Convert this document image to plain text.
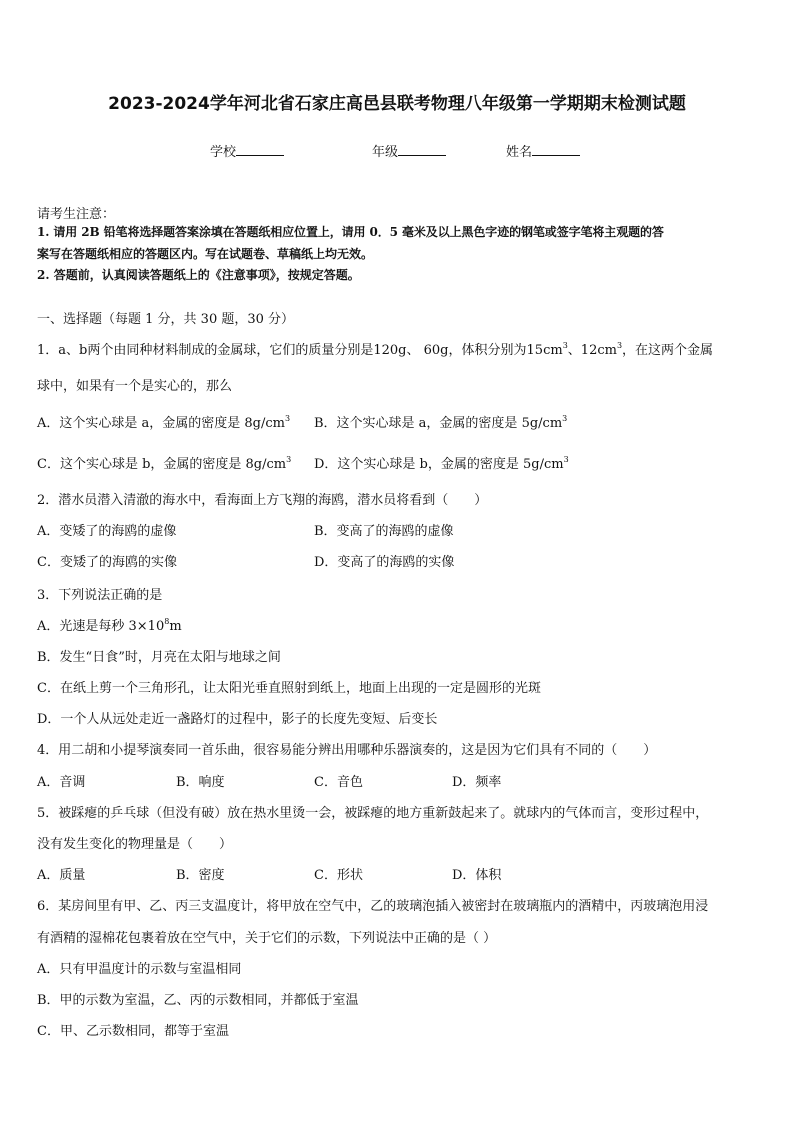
2023-2024学年河北省石家庄高邑县联考物理八年级第一学期期末检测试题
学校	年级	姓名
请考生注意：
1. 请用 2B 铅笔将选择题答案涂填在答题纸相应位置上，请用 0．5 毫米及以上黑色字迹的钢笔或签字笔将主观题的答
案写在答题纸相应的答题区内。写在试题卷、草稿纸上均无效。
2. 答题前，认真阅读答题纸上的《注意事项》，按规定答题。
一、选择题（每题 1 分，共 30 题，30 分）
1．a、b两个由同种材料制成的金属球，它们的质量分别是120g、 60g，体积分别为$15cm^3$、$12cm^3$，在这两个金属
球中，如果有一个是实心的，那么
A．这个实心球是 a，金属的密度是 $8g/cm^3$ B．这个实心球是 a，金属的密度是 $5g/cm^3$
C．这个实心球是 b，金属的密度是 $8g/cm^3$ D．这个实心球是 b，金属的密度是 $5g/cm^3$
2．潜水员潜入清澈的海水中，看海面上方飞翔的海鸥，潜水员将看到（　　）
A．变矮了的海鸥的虚像	B．变高了的海鸥的虚像
C．变矮了的海鸥的实像	D．变高了的海鸥的实像
3．下列说法正确的是
A．光速是每秒 $3\times 10^8m$
B．发生“日食”时，月亮在太阳与地球之间
C．在纸上剪一个三角形孔，让太阳光垂直照射到纸上，地面上出现的一定是圆形的光斑
D．一个人从远处走近一盏路灯的过程中，影子的长度先变短、后变长
4．用二胡和小提琴演奏同一首乐曲，很容易能分辨出用哪种乐器演奏的，这是因为它们具有不同的（　　）
A．音调	B．响度	C．音色	D．频率
5．被踩瘪的乒乓球（但没有破）放在热水里烫一会，被踩瘪的地方重新鼓起来了。就球内的气体而言，变形过程中，
没有发生变化的物理量是（　　）
A．质量	B．密度	C．形状	D．体积
6．某房间里有甲、乙、丙三支温度计，将甲放在空气中，乙的玻璃泡插入被密封在玻璃瓶内的酒精中，丙玻璃泡用浸
有酒精的湿棉花包裹着放在空气中，关于它们的示数，下列说法中正确的是（ ）
A．只有甲温度计的示数与室温相同
B．甲的示数为室温，乙、丙的示数相同，并都低于室温
C．甲、乙示数相同，都等于室温
